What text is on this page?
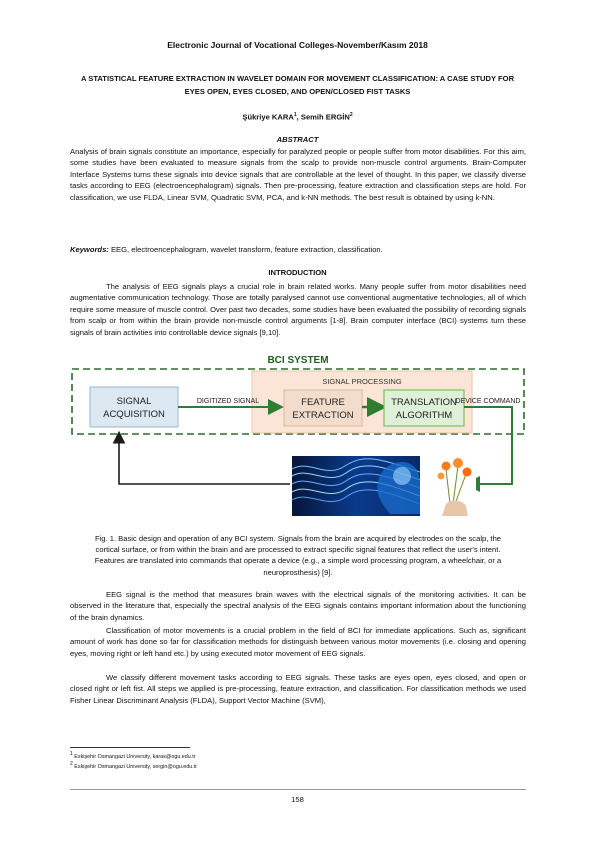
Electronic Journal of Vocational Colleges-November/Kasım 2018
A STATISTICAL FEATURE EXTRACTION IN WAVELET DOMAIN FOR MOVEMENT CLASSIFICATION: A CASE STUDY FOR EYES OPEN, EYES CLOSED, AND OPEN/CLOSED FIST TASKS
Şükriye KARA$^1$, Semih ERGİN$^2$
ABSTRACT
Analysis of brain signals constitute an importance, especially for paralyzed people or people suffer from motor disabilities. For this aim, some studies have been evaluated to measure signals from the scalp to provide non-muscle control arguments. Brain-Computer Interface Systems turns these signals into device signals that are controllable at the level of thought. In this paper, we classify diverse tasks according to EEG (electroencephalogram) signals. Then pre-processing, feature extraction and classification steps are hold. For classification, we use FLDA, Linear SVM, Quadratic SVM, PCA, and k-NN methods. The best result is obtained by using k-NN.
Keywords: EEG, electroencephalogram, wavelet transform, feature extraction, classification.
INTRODUCTION
The analysis of EEG signals plays a crucial role in brain related works. Many people suffer from motor disabilities need augmentative communication technology. Those are totally paralysed cannot use conventional augmentative technologies, all of which require some measure of muscle control. Over past two decades, some studies have been evaluated the possibility of recording signals from scalp or from within the brain provide non-muscle control arguments [1-8]. Brain computer interface (BCI) systems turn these signals of brain activities into controllable device signals [9,10].
BCI SYSTEM
SIGNAL PROCESSING
SIGNAL
ACQUISITION
DIGITIZED SIGNAL	FEATURE
EXTRACTION
TRANSLATION
ALGORITHM
DEVICE COMMAND
Fig. 1. Basic design and operation of any BCI system. Signals from the brain are acquired by electrodes on the scalp, the cortical surface, or from within the brain and are processed to extract specific signal features that reflect the user's intent. Features are translated into commands that operate a device (e.g., a simple word processing program, a wheelchair, or a neuroprosthesis) [9].
EEG signal is the method that measures brain waves with the electrical signals of the monitoring activities. It can be observed in the literature that, especially the spectral analysis of the EEG signals contains important information about the functioning of the brain dynamics.
Classification of motor movements is a crucial problem in the field of BCI for immediate applications. Such as, significant amount of work has done so far for classification methods for distinguish between various motor movements (i.e. closing and opening eyes, moving right or left hand etc.) by using executed motor movement of EEG signals.
We classify different movement tasks according to EEG signals. These tasks are eyes open, eyes closed, and open or closed right or left fist. All steps we applied is pre-processing, feature extraction, and classification. For classification methods we used Fisher Linear Discriminant Analysis (FLDA), Support Vector Machine (SVM),
$^1$ Eskişehir Osmangazi University, karas@ogu.edu.tr
$^2$ Eskişehir Osmangazi University, sergin@ogu.edu.tr
158
